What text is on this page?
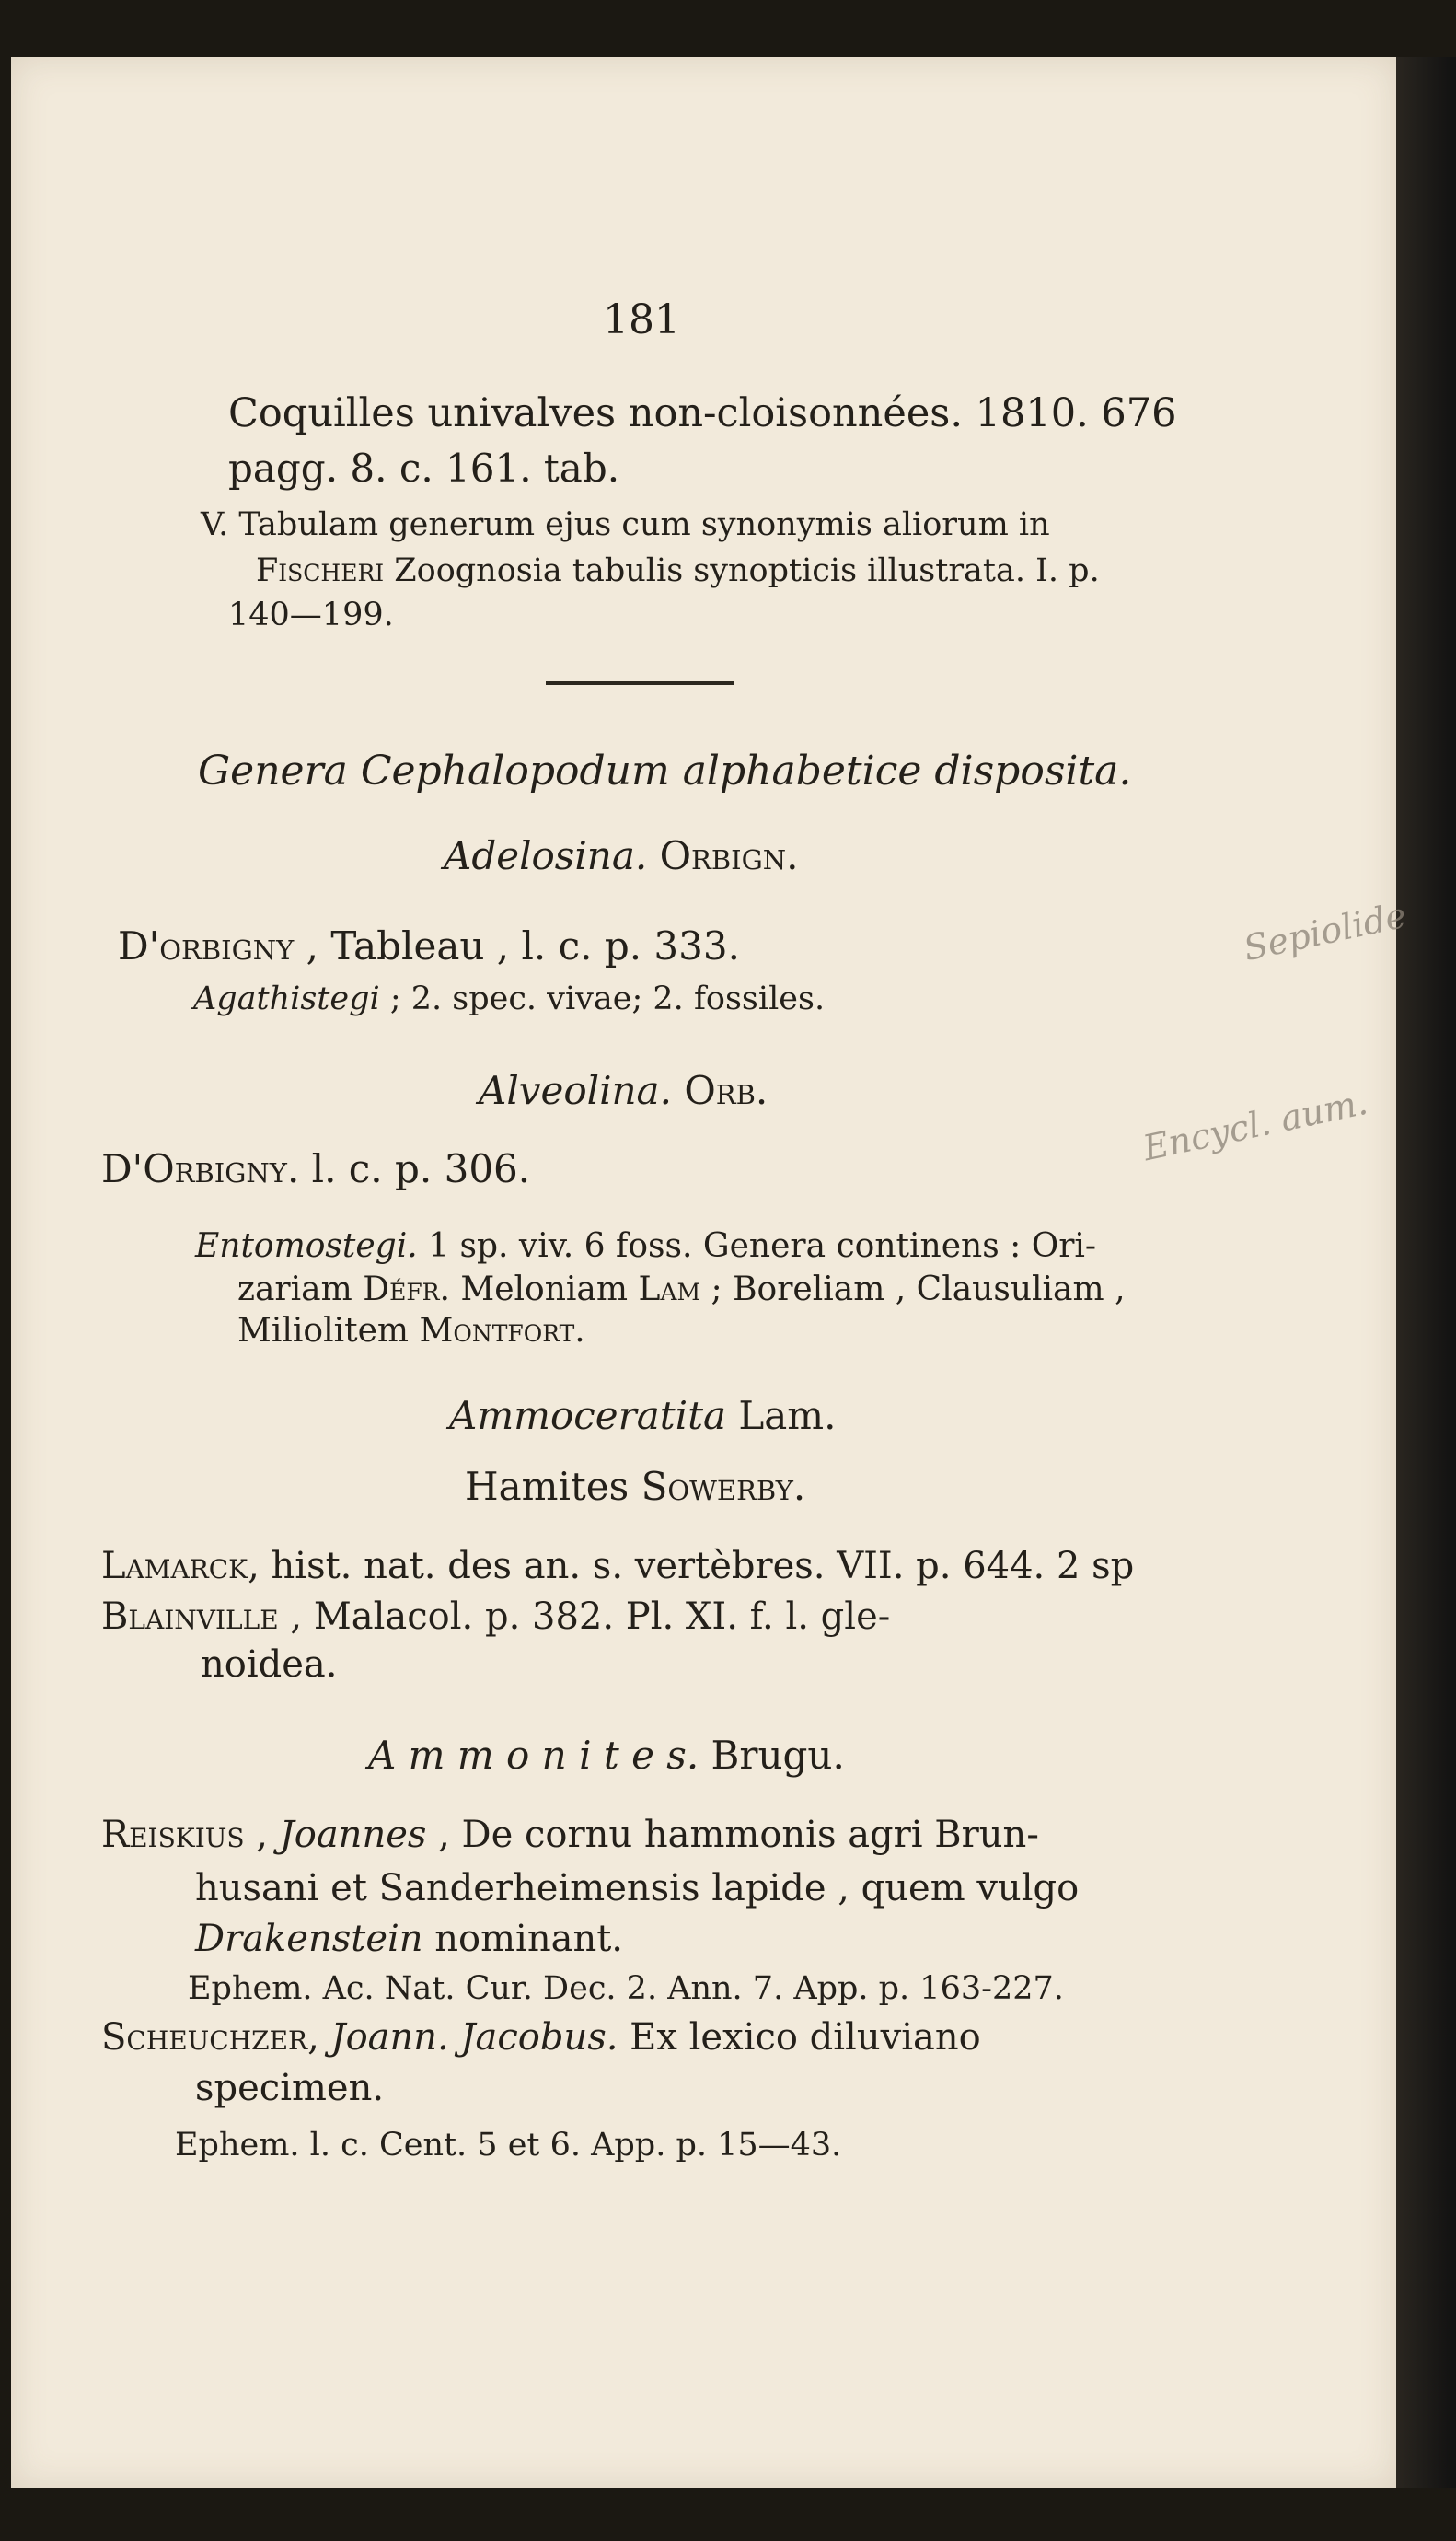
181
Coquilles univalves non-cloisonnées. 1810. 676
pagg. 8. c. 161. tab.
V. Tabulam generum ejus cum synonymis aliorum in
Fischeri Zoognosia tabulis synopticis illustrata. I. p.
140—199.
Genera Cephalopodum alphabetice disposita.
Adelosina. Orbign.
D'orbigny , Tableau , l. c. p. 333.
Agathistegi ; 2. spec. vivae; 2. fossiles.
Alveolina. Orb.
D'Orbigny. l. c. p. 306.
Entomostegi. 1 sp. viv. 6 foss. Genera continens : Ori-
zariam Défr. Meloniam Lam ; Boreliam , Clausuliam ,
Miliolitem Montfort.
Ammoceratita Lam.
Hamites Sowerby.
Lamarck, hist. nat. des an. s. vertèbres. VII. p. 644. 2 sp
Blainville , Malacol. p. 382. Pl. XI. f. l. gle-
noidea.
A m m o n i t e s. Brugu.
Reiskius , Joannes , De cornu hammonis agri Brun-
husani et Sanderheimensis lapide , quem vulgo
Drakenstein nominant.
Ephem. Ac. Nat. Cur. Dec. 2. Ann. 7. App. p. 163-227.
Scheuchzer, Joann. Jacobus. Ex lexico diluviano
specimen.
Ephem. l. c. Cent. 5 et 6. App. p. 15—43.
Sepiolide
Encycl. aum.
